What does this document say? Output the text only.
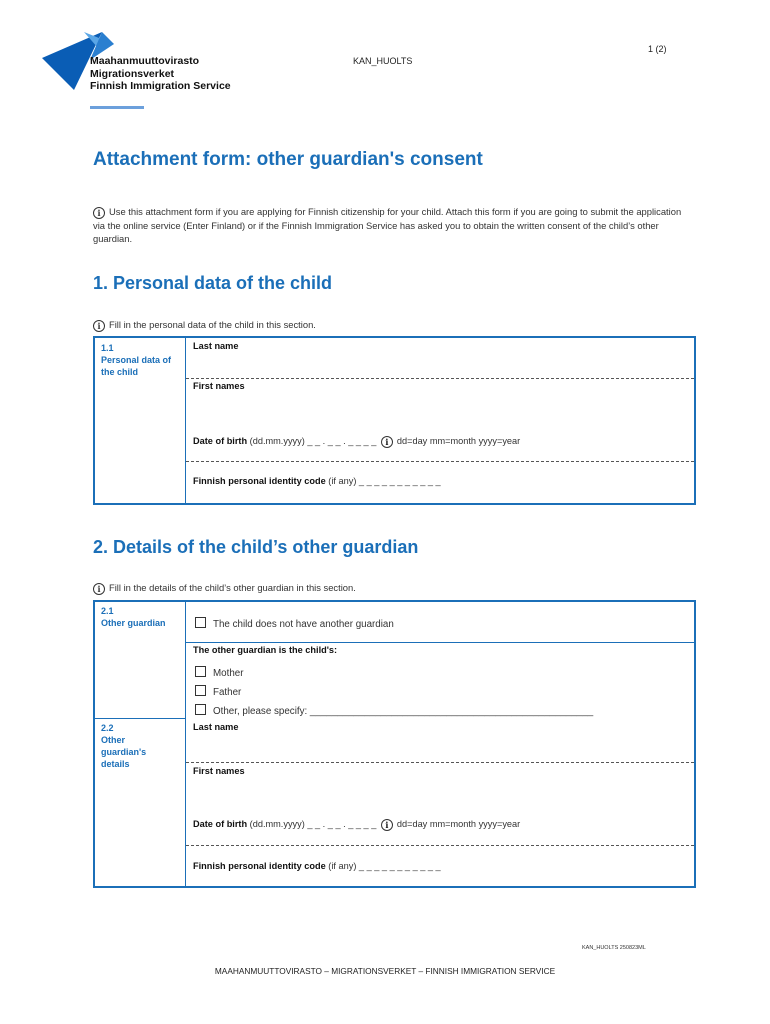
Maahanmuuttovirasto
Migrationsverket
Finnish Immigration Service
KAN_HUOLTS
1 (2)
Attachment form: other guardian's consent
i Use this attachment form if you are applying for Finnish citizenship for your child. Attach this form if you are going to submit the application via the online service (Enter Finland) or if the Finnish Immigration Service has asked you to obtain the written consent of the child’s other guardian.
1. Personal data of the child
i Fill in the personal data of the child in this section.
1.1
Personal data of the child
Last name
First names
Date of birth (dd.mm.yyyy) _ _ . _ _ . _ _ _ _ i dd=day mm=month yyyy=year
Finnish personal identity code (if any) _ _ _ _ _ _ _ _ _ _ _
2. Details of the child’s other guardian
i Fill in the details of the child’s other guardian in this section.
2.1
Other guardian	The child does not have another guardian
The other guardian is the child's:
Mother
Father
Other, please specify: ____________________________________________________
2.2
Other guardian's details
Last name
First names
Date of birth (dd.mm.yyyy) _ _ . _ _ . _ _ _ _ i dd=day mm=month yyyy=year
Finnish personal identity code (if any) _ _ _ _ _ _ _ _ _ _ _
KAN_HUOLTS 250823ML
MAAHANMUUTTOVIRASTO – MIGRATIONSVERKET – FINNISH IMMIGRATION SERVICE
